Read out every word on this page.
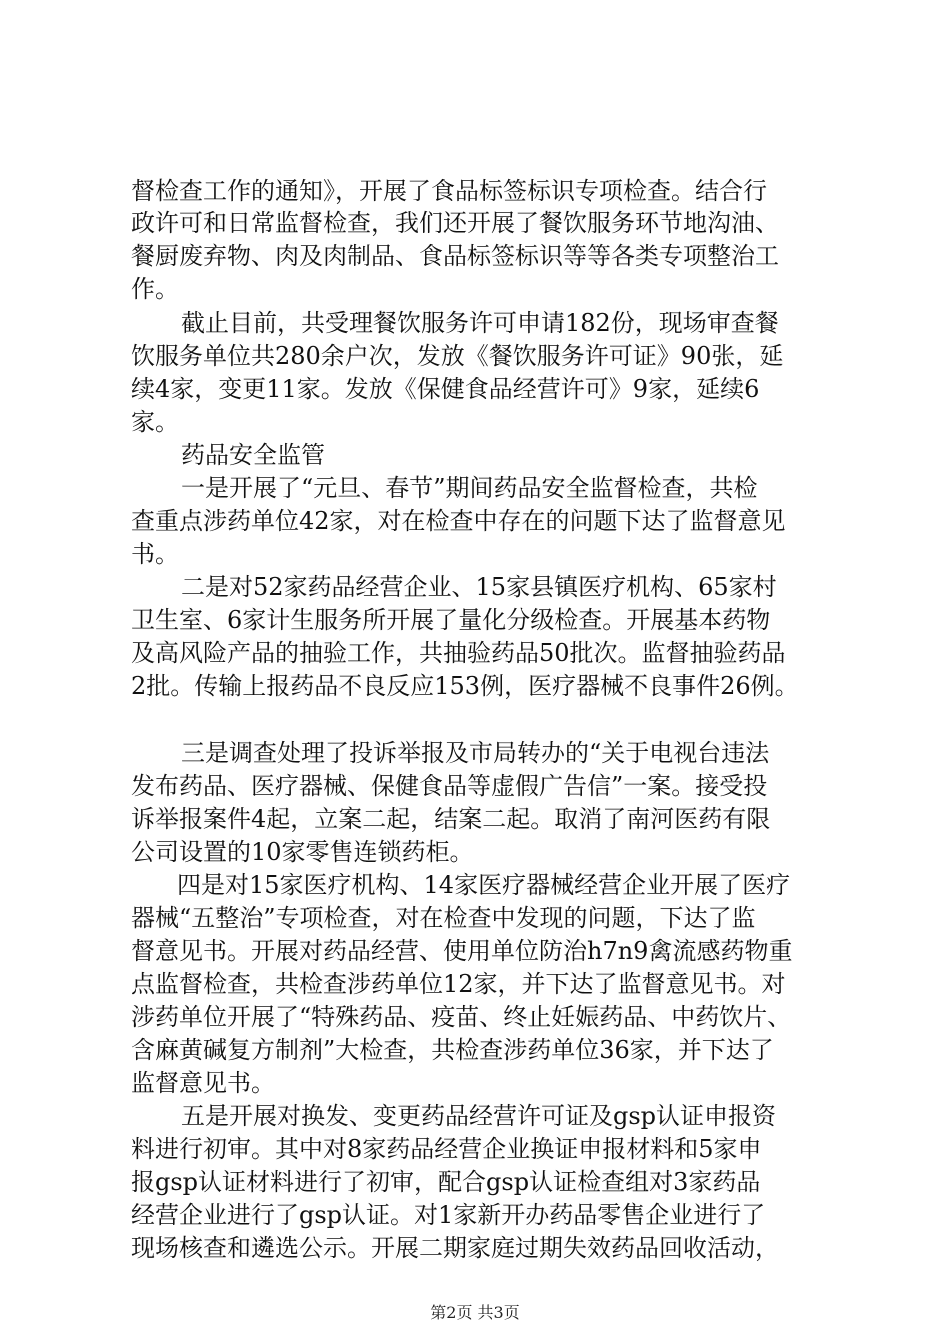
督检查工作的通知》，开展了食品标签标识专项检查。结合行
政许可和日常监督检查，我们还开展了餐饮服务环节地沟油、
餐厨废弃物、肉及肉制品、食品标签标识等等各类专项整治工
作。
截止目前，共受理餐饮服务许可申请182份，现场审查餐
饮服务单位共280余户次，发放《餐饮服务许可证》90张，延
续4家，变更11家。发放《保健食品经营许可》9家，延续6
家。
药品安全监管
一是开展了“元旦、春节”期间药品安全监督检查，共检
查重点涉药单位42家，对在检查中存在的问题下达了监督意见
书。
二是对52家药品经营企业、15家县镇医疗机构、65家村
卫生室、6家计生服务所开展了量化分级检查。开展基本药物
及高风险产品的抽验工作，共抽验药品50批次。监督抽验药品
2批。传输上报药品不良反应153例，医疗器械不良事件26例。
三是调查处理了投诉举报及市局转办的“关于电视台违法
发布药品、医疗器械、保健食品等虚假广告信”一案。接受投
诉举报案件4起，立案二起，结案二起。取消了南河医药有限
公司设置的10家零售连锁药柜。
四是对15家医疗机构、14家医疗器械经营企业开展了医疗
器械“五整治”专项检查，对在检查中发现的问题，下达了监
督意见书。开展对药品经营、使用单位防治h7n9禽流感药物重
点监督检查，共检查涉药单位12家，并下达了监督意见书。对
涉药单位开展了“特殊药品、疫苗、终止妊娠药品、中药饮片、
含麻黄碱复方制剂”大检查，共检查涉药单位36家，并下达了
监督意见书。
五是开展对换发、变更药品经营许可证及gsp认证申报资
料进行初审。其中对8家药品经营企业换证申报材料和5家申
报gsp认证材料进行了初审，配合gsp认证检查组对3家药品
经营企业进行了gsp认证。对1家新开办药品零售企业进行了
现场核查和遴选公示。开展二期家庭过期失效药品回收活动，
第2页 共3页
